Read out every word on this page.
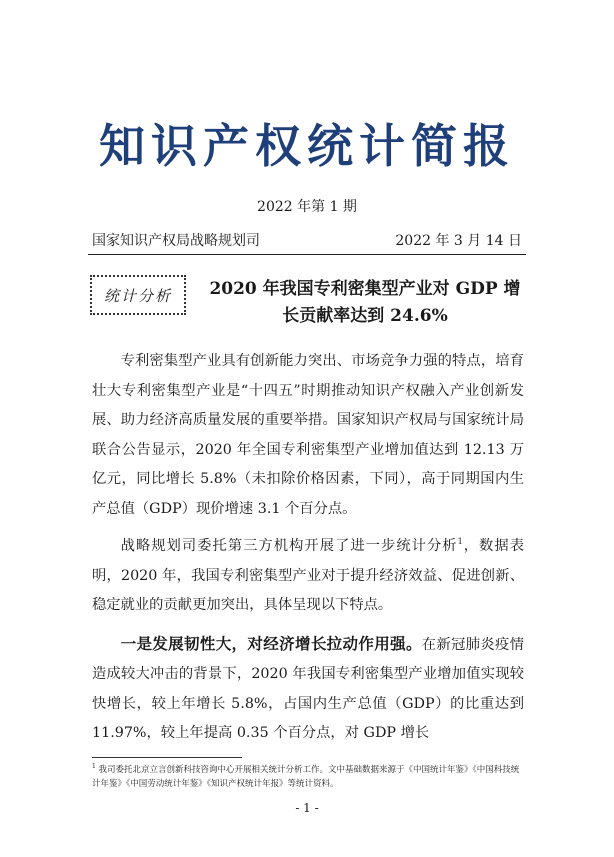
知识产权统计简报
2022 年第 1 期
国家知识产权局战略规划司	2022 年 3 月 14 日
统计分析	2020 年我国专利密集型产业对 GDP 增
长贡献率达到 24.6%

专利密集型产业具有创新能力突出、市场竞争力强的特点，培育壮大专利密集型产业是“十四五”时期推动知识产权融入产业创新发展、助力经济高质量发展的重要举措。国家知识产权局与国家统计局联合公告显示，2020 年全国专利密集型产业增加值达到 12.13 万亿元，同比增长 5.8%（未扣除价格因素，下同），高于同期国内生产总值（GDP）现价增速 3.1 个百分点。

战略规划司委托第三方机构开展了进一步统计分析$^1$，数据表明，2020 年，我国专利密集型产业对于提升经济效益、促进创新、稳定就业的贡献更加突出，具体呈现以下特点。

一是发展韧性大，对经济增长拉动作用强。在新冠肺炎疫情造成较大冲击的背景下，2020 年我国专利密集型产业增加值实现较快增长，较上年增长 5.8%，占国内生产总值（GDP）的比重达到 11.97%，较上年提高 0.35 个百分点，对 GDP 增长

$^1$ 我司委托北京立言创新科技咨询中心开展相关统计分析工作。文中基础数据来源于《中国统计年鉴》《中国科技统计年鉴》《中国劳动统计年鉴》《知识产权统计年报》等统计资料。
- 1 -
